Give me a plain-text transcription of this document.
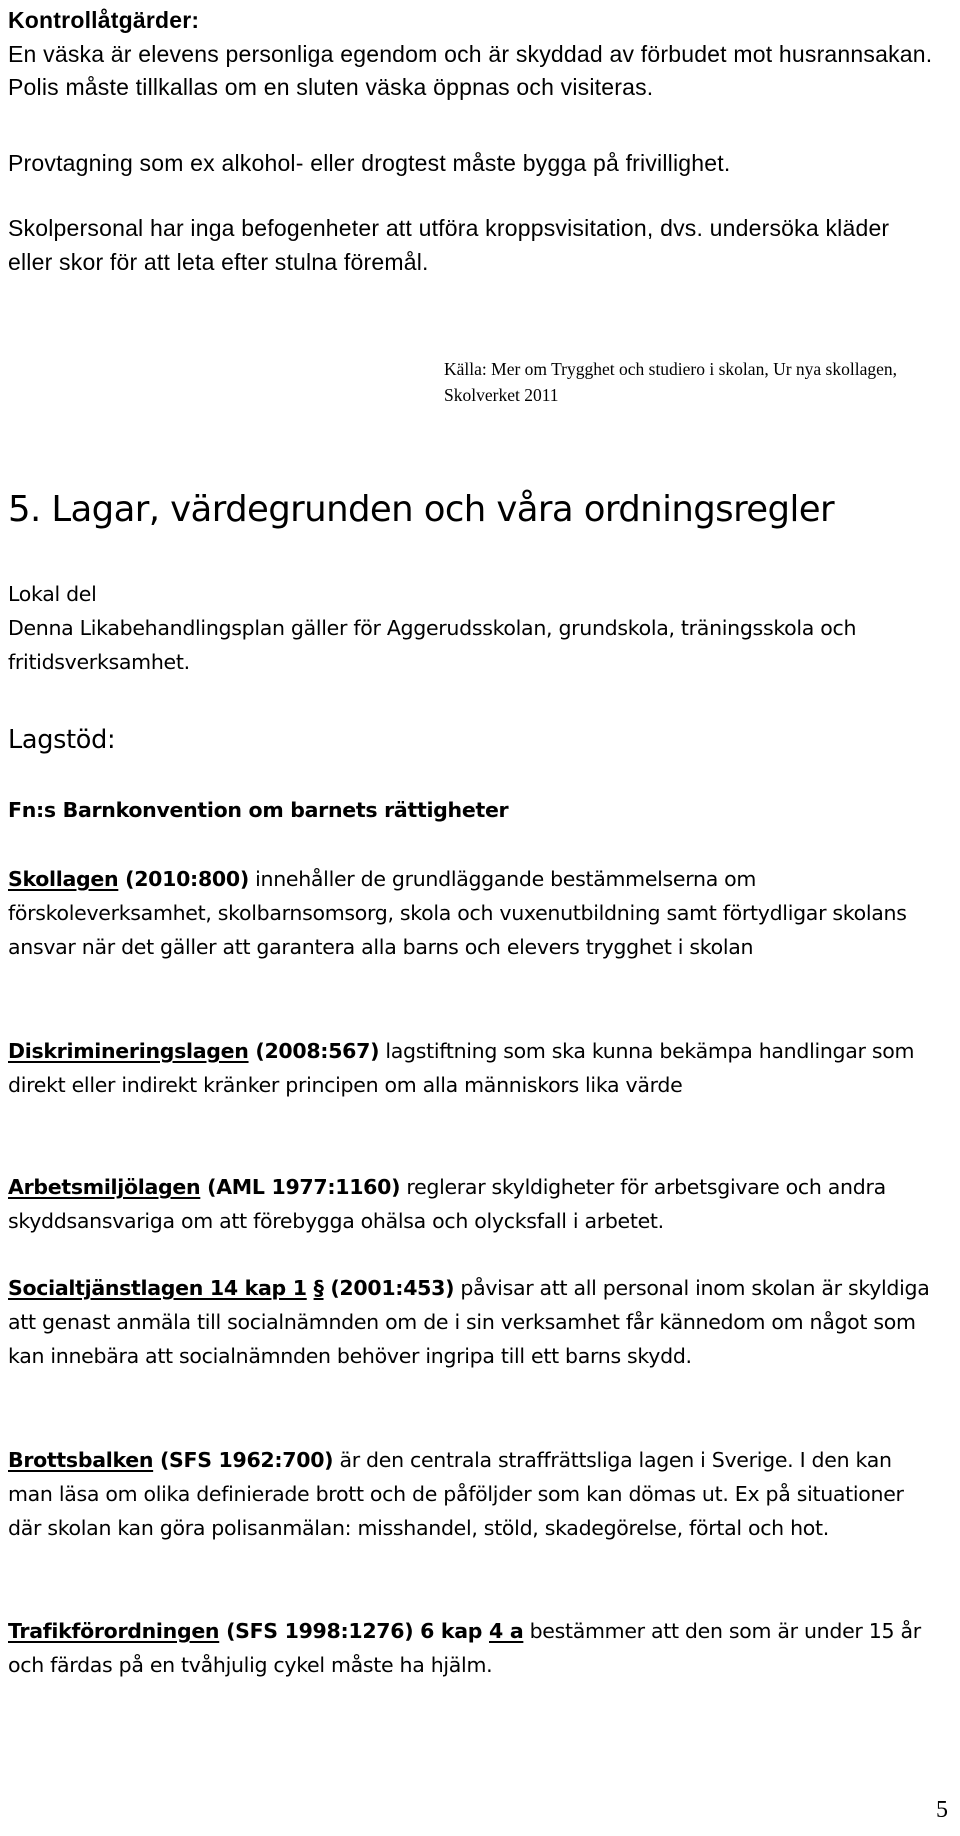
Kontrollåtgärder:

En väska är elevens personliga egendom och är skyddad av förbudet mot husrannsakan. Polis måste tillkallas om en sluten väska öppnas och visiteras.

Provtagning som ex alkohol- eller drogtest måste bygga på frivillighet.

Skolpersonal har inga befogenheter att utföra kroppsvisitation, dvs. undersöka kläder eller skor för att leta efter stulna föremål.

Källa: Mer om Trygghet och studiero i skolan, Ur nya skollagen,
Skolverket 2011
5. Lagar, värdegrunden och våra ordningsregler

Lokal del

Denna Likabehandlingsplan gäller för Aggerudsskolan, grundskola, träningsskola och fritidsverksamhet.

Lagstöd:
Fn:s Barnkonvention om barnets rättigheter

Skollagen (2010:800) innehåller de grundläggande bestämmelserna om förskoleverksamhet, skolbarnsomsorg, skola och vuxenutbildning samt förtydligar skolans ansvar när det gäller att garantera alla barns och elevers trygghet i skolan

Diskrimineringslagen (2008:567) lagstiftning som ska kunna bekämpa handlingar som direkt eller indirekt kränker principen om alla människors lika värde

Arbetsmiljölagen (AML 1977:1160) reglerar skyldigheter för arbetsgivare och andra skyddsansvariga om att förebygga ohälsa och olycksfall i arbetet.

Socialtjänstlagen 14 kap 1 § (2001:453) påvisar att all personal inom skolan är skyldiga att genast anmäla till socialnämnden om de i sin verksamhet får kännedom om något som kan innebära att socialnämnden behöver ingripa till ett barns skydd.

Brottsbalken (SFS 1962:700) är den centrala straffrättsliga lagen i Sverige. I den kan man läsa om olika definierade brott och de påföljder som kan dömas ut. Ex på situationer där skolan kan göra polisanmälan: misshandel, stöld, skadegörelse, förtal och hot.

Trafikförordningen (SFS 1998:1276) 6 kap 4 a bestämmer att den som är under 15 år och färdas på en tvåhjulig cykel måste ha hjälm.

5
